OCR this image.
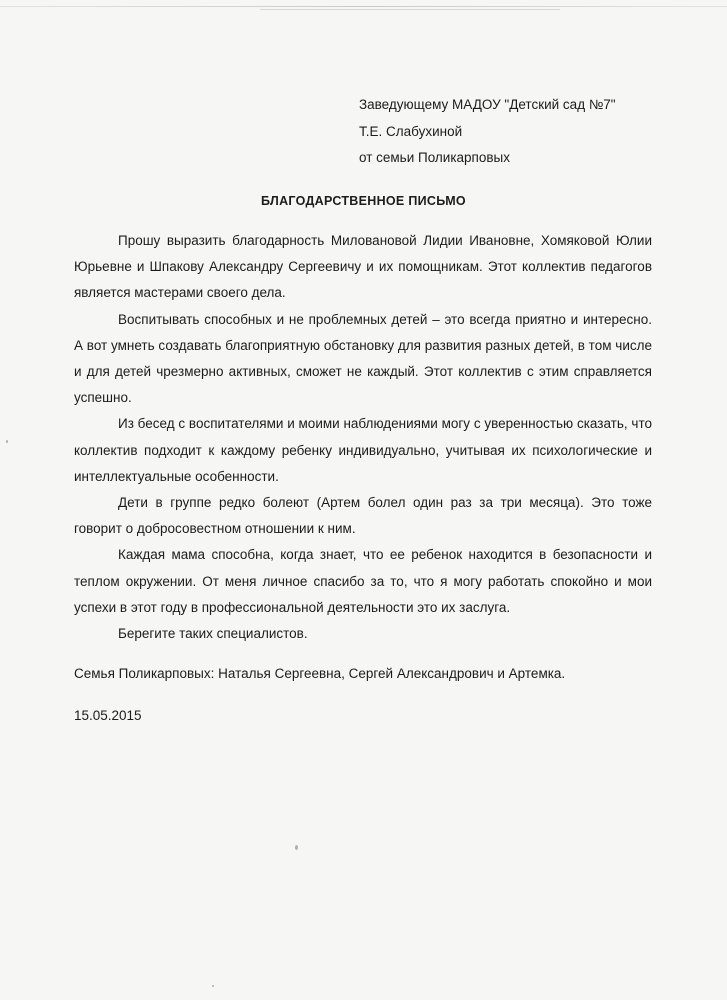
Заведующему МАДОУ "Детский сад №7"
Т.Е. Слабухиной
от семьи Поликарповых
БЛАГОДАРСТВЕННОЕ ПИСЬМО

Прошу выразить благодарность Миловановой Лидии Ивановне, Хомяковой Юлии Юрьевне и Шпакову Александру Сергеевичу и их помощникам. Этот коллектив педагогов является мастерами своего дела.

Воспитывать способных и не проблемных детей – это всегда приятно и интересно. А вот умнеть создавать благоприятную обстановку для развития разных детей, в том числе и для детей чрезмерно активных, сможет не каждый. Этот коллектив с этим справляется успешно.

Из бесед с воспитателями и моими наблюдениями могу с уверенностью сказать, что коллектив подходит к каждому ребенку индивидуально, учитывая их психологические и интеллектуальные особенности.

Дети в группе редко болеют (Артем болел один раз за три месяца). Это тоже говорит о добросовестном отношении к ним.

Каждая мама способна, когда знает, что ее ребенок находится в безопасности и теплом окружении. От меня личное спасибо за то, что я могу работать спокойно и мои успехи в этот году в профессиональной деятельности это их заслуга.

Берегите таких специалистов.

Семья Поликарповых: Наталья Сергеевна, Сергей Александрович и Артемка.
15.05.2015
